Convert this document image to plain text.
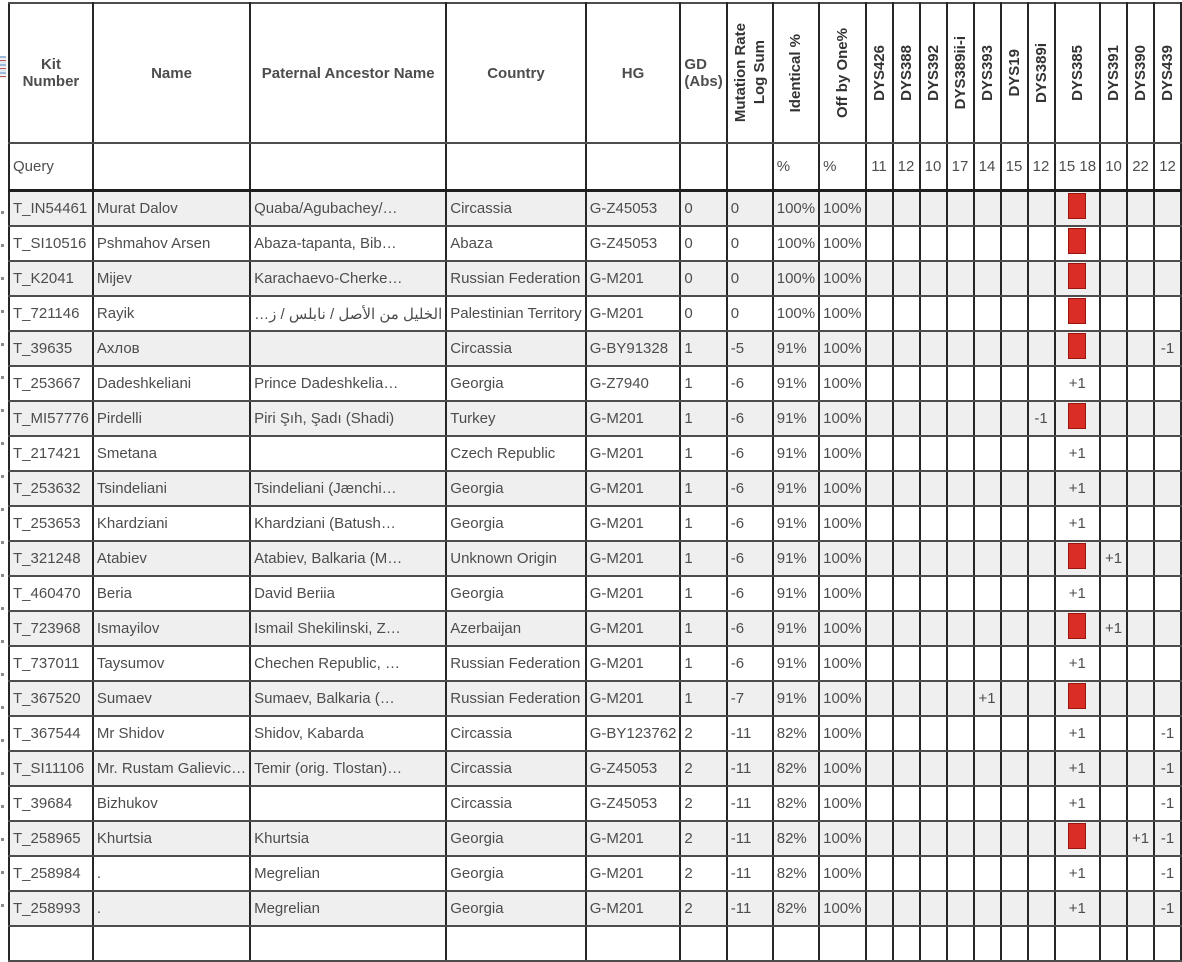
Kit Number	Name	Paternal Ancestor Name	Country	HG	GD (Abs)	Mutation Rate Log Sum	Identical %	Off by One%	DYS426	DYS388	DYS392	DYS389ii-i	DYS393	DYS19	DYS389i	DYS385	DYS391	DYS390	DYS439

Query							%	%	11	12	10	17	14	15	12	15 18	10	22	12
T_IN54461	Murat Dalov	Quaba/Agubachey/…	Circassia	G-Z45053	0	0	100%	100%								

T_SI10516	Pshmahov Arsen	Abaza-tapanta, Bib…	Abaza	G-Z45053	0	0	100%	100%								

T_K2041	Mijev	Karachaevo-Cherke…	Russian Federation	G-M201	0	0	100%	100%								

T_721146	Rayik	الخليل من الأصل / نابلس / ز…	Palestinian Territory	G-M201	0	0	100%	100%								

T_39635	Ахлов		Circassia	G-BY91328	1	-5	91%	100%											-1
T_253667	Dadeshkeliani	Prince Dadeshkelia…	Georgia	G-Z7940	1	-6	91%	100%								+1			
T_MI57776	Pirdelli	Piri Şıh, Şadı (Shadi)	Turkey	G-M201	1	-6	91%	100%							-1	

T_217421	Smetana		Czech Republic	G-M201	1	-6	91%	100%								+1			
T_253632	Tsindeliani	Tsindeliani (Jænchi…	Georgia	G-M201	1	-6	91%	100%								+1			
T_253653	Khardziani	Khardziani (Batush…	Georgia	G-M201	1	-6	91%	100%								+1			
T_321248	Atabiev	Atabiev, Balkaria (M…	Unknown Origin	G-M201	1	-6	91%	100%									+1		
T_460470	Beria	David Beriia	Georgia	G-M201	1	-6	91%	100%								+1			
T_723968	Ismayilov	Ismail Shekilinski, Z…	Azerbaijan	G-M201	1	-6	91%	100%									+1		
T_737011	Taysumov	Chechen Republic, …	Russian Federation	G-M201	1	-6	91%	100%								+1			
T_367520	Sumaev	Sumaev, Balkaria (…	Russian Federation	G-M201	1	-7	91%	100%					+1			

T_367544	Mr Shidov	Shidov, Kabarda	Circassia	G-BY123762	2	-11	82%	100%								+1			-1
T_SI11106	Mr. Rustam Galievic…	Temir (orig. Tlostan)…	Circassia	G-Z45053	2	-11	82%	100%								+1			-1
T_39684	Bizhukov		Circassia	G-Z45053	2	-11	82%	100%								+1			-1
T_258965	Khurtsia	Khurtsia	Georgia	G-M201	2	-11	82%	100%										+1	-1
T_258984	.	Megrelian	Georgia	G-M201	2	-11	82%	100%								+1			-1
T_258993	.	Megrelian	Georgia	G-M201	2	-11	82%	100%								+1			-1
